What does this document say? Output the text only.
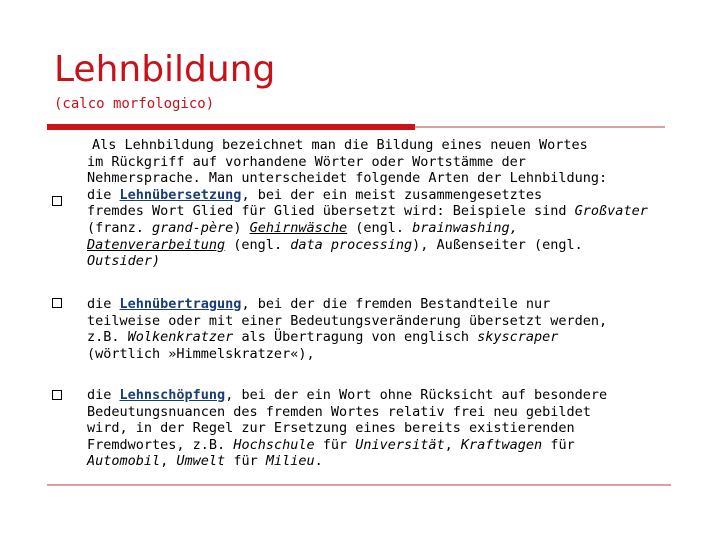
Lehnbildung
(calco morfologico)
Als Lehnbildung bezeichnet man die Bildung eines neuen Wortes
im Rückgriff auf vorhandene Wörter oder Wortstämme der
Nehmersprache. Man unterscheidet folgende Arten der Lehnbildung:
die Lehnübersetzung, bei der ein meist zusammengesetztes
fremdes Wort Glied für Glied übersetzt wird: Beispiele sind Großvater
(franz. grand-père) Gehirnwäsche (engl. brainwashing,
Datenverarbeitung (engl. data processing), Außenseiter (engl.
Outsider)
die Lehnübertragung, bei der die fremden Bestandteile nur
teilweise oder mit einer Bedeutungsveränderung übersetzt werden,
z.B. Wolkenkratzer als Übertragung von englisch skyscraper
(wörtlich »Himmelskratzer«),
die Lehnschöpfung, bei der ein Wort ohne Rücksicht auf besondere
Bedeutungsnuancen des fremden Wortes relativ frei neu gebildet
wird, in der Regel zur Ersetzung eines bereits existierenden
Fremdwortes, z.B. Hochschule für Universität, Kraftwagen für
Automobil, Umwelt für Milieu.
